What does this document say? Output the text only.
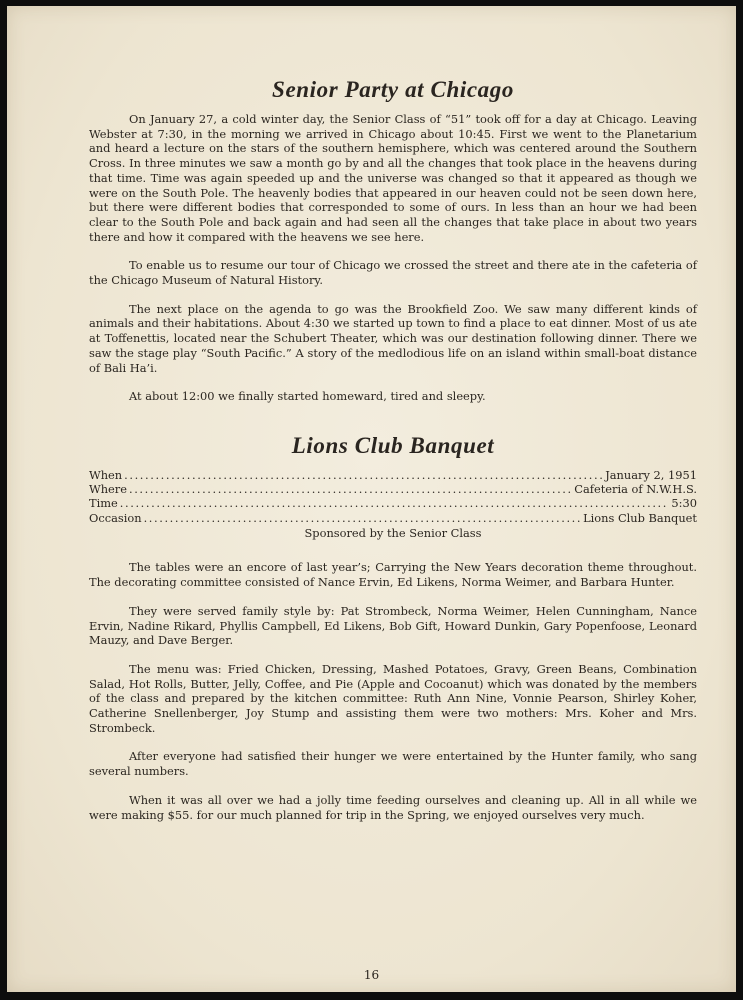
Senior Party at Chicago

On January 27, a cold winter day, the Senior Class of “51” took off for a day at Chicago. Leaving Webster at 7:30, in the morning we arrived in Chicago about 10:45. First we went to the Planetarium and heard a lecture on the stars of the southern hemisphere, which was centered around the Southern Cross. In three minutes we saw a month go by and all the changes that took place in the heavens during that time. Time was again speeded up and the universe was changed so that it appeared as though we were on the South Pole. The heavenly bodies that appeared in our heaven could not be seen down here, but there were different bodies that corresponded to some of ours. In less than an hour we had been clear to the South Pole and back again and had seen all the changes that take place in about two years there and how it compared with the heavens we see here.

To enable us to resume our tour of Chicago we crossed the street and there ate in the cafeteria of the Chicago Museum of Natural History.

The next place on the agenda to go was the Brookfield Zoo. We saw many different kinds of animals and their habitations. About 4:30 we started up town to find a place to eat dinner. Most of us ate at Toffenettis, located near the Schubert Theater, which was our destination following dinner. There we saw the stage play “South Pacific.” A story of the medlodious life on an island within small-boat distance of Bali Ha’i.

At about 12:00 we finally started homeward, tired and sleepy.

Lions Club Banquet
When .....	January 2, 1951
Where .....	Cafeteria of N.W.H.S.
Time .....	5:30
Occasion .....	Lions Club Banquet
Sponsored by the Senior Class

The tables were an encore of last year’s; Carrying the New Years decoration theme throughout. The decorating committee consisted of Nance Ervin, Ed Likens, Norma Weimer, and Barbara Hunter.

They were served family style by: Pat Strombeck, Norma Weimer, Helen Cunningham, Nance Ervin, Nadine Rikard, Phyllis Campbell, Ed Likens, Bob Gift, Howard Dunkin, Gary Popenfoose, Leonard Mauzy, and Dave Berger.

The menu was: Fried Chicken, Dressing, Mashed Potatoes, Gravy, Green Beans, Combination Salad, Hot Rolls, Butter, Jelly, Coffee, and Pie (Apple and Cocoanut) which was donated by the members of the class and prepared by the kitchen committee: Ruth Ann Nine, Vonnie Pearson, Shirley Koher, Catherine Snellenberger, Joy Stump and assisting them were two mothers: Mrs. Koher and Mrs. Strombeck.

After everyone had satisfied their hunger we were entertained by the Hunter family, who sang several numbers.

When it was all over we had a jolly time feeding ourselves and cleaning up. All in all while we were making $55. for our much planned for trip in the Spring, we enjoyed ourselves very much.

16
